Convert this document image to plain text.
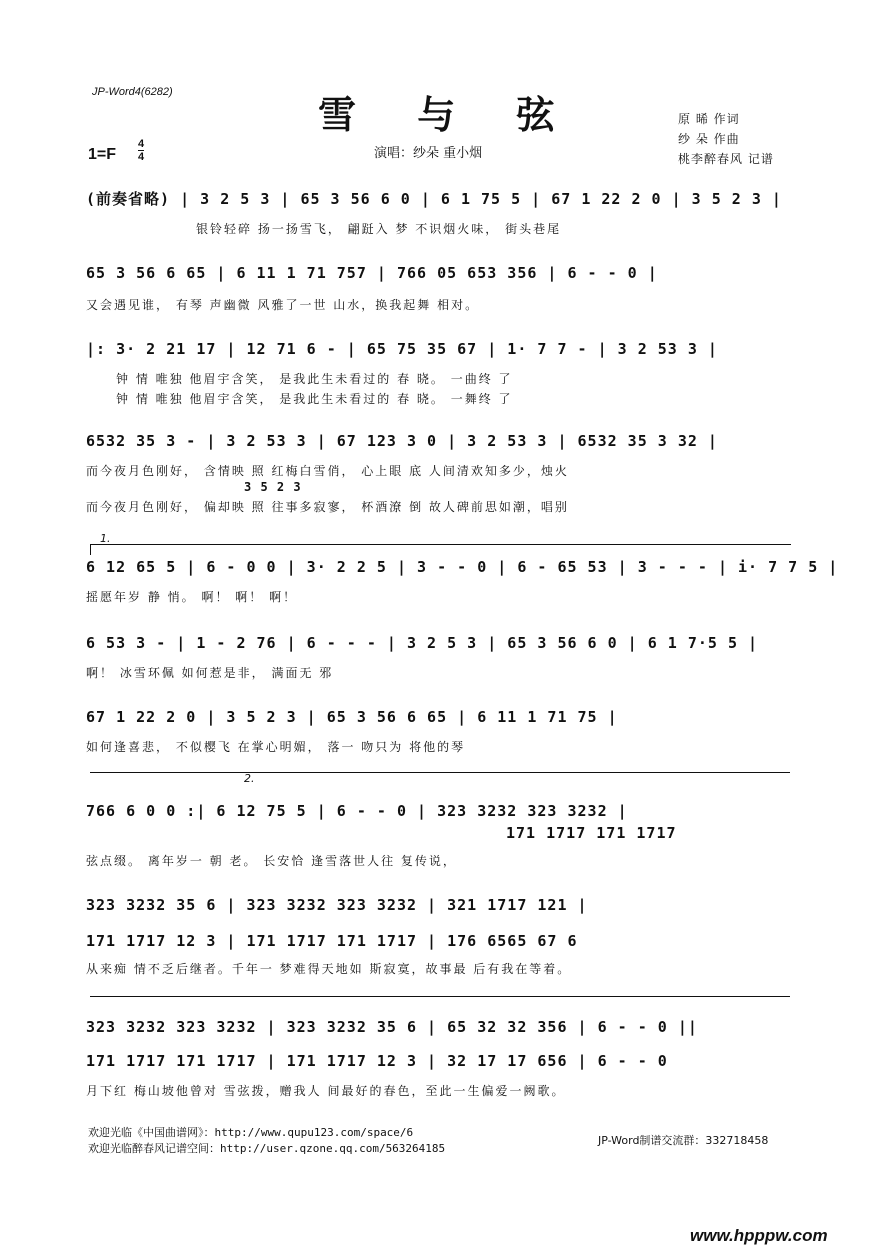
JP-Word4(6282)
雪 与 弦
1=F
4
4	演唱：纱朵 重小烟
原 晞 作词
纱 朵 作曲
桃李醉春风 记谱
(前奏省略) | 3 2 5 3 | 65 3 56 6 0 | 6 1 75 5 | 67 1 22 2 0 | 3 5 2 3 |
银铃轻碎 扬一扬雪飞， 翩跹入 梦 不识烟火味， 街头巷尾
65 3 56 6 65 | 6 11 1 71 757 | 766 05 653 356 | 6 - - 0 |
又会遇见谁， 有琴 声幽微 风雅了一世 山水，换我起舞 相对。
|: 3· 2 21 17 | 12 71 6 - | 65 75 35 67 | 1· 7 7 - | 3 2 53 3 |
钟 情 唯独 他眉宇含笑， 是我此生未看过的 春 晓。 一曲终 了
钟 情 唯独 他眉宇含笑， 是我此生未看过的 春 晓。 一舞终 了
6532 35 3 - | 3 2 53 3 | 67 123 3 0 | 3 2 53 3 | 6532 35 3 32 |
而今夜月色刚好， 含情映 照 红梅白雪俏， 心上眼 底 人间清欢知多少，烛火
3 5 2 3
而今夜月色刚好， 偏却映 照 往事多寂寥， 杯酒潦 倒 故人碑前思如潮，唱别
1.
6 12 65 5 | 6 - 0 0 | 3· 2 2 5 | 3 - - 0 | 6 - 65 53 | 3 - - - | i· 7 7 5 |
摇愿年岁 静 悄。 啊！ 啊！ 啊！
6 53 3 - | 1 - 2 76 | 6 - - - | 3 2 5 3 | 65 3 56 6 0 | 6 1 7·5 5 |
啊！ 冰雪环佩 如何惹是非， 满面无 邪
67 1 22 2 0 | 3 5 2 3 | 65 3 56 6 65 | 6 11 1 71 75 |
如何逢喜悲， 不似樱飞 在掌心明媚， 落一 吻只为 将他的琴
2.
766 6 0 0 :| 6 12 75 5 | 6 - - 0 | 323 3232 323 3232 |
171 1717 171 1717
弦点缀。 离年岁一 朝 老。 长安恰 逢雪落世人往 复传说，
323 3232 35 6 | 323 3232 323 3232 | 321 1717 121 |
171 1717 12 3 | 171 1717 171 1717 | 176 6565 67 6
从来痴 情不乏后继者。千年一 梦难得天地如 斯寂寞，故事最 后有我在等着。
323 3232 323 3232 | 323 3232 35 6 | 65 32 32 356 | 6 - - 0 ||
171 1717 171 1717 | 171 1717 12 3 | 32 17 17 656 | 6 - - 0
月下红 梅山坡他曾对 雪弦拨，赠我人 间最好的春色，至此一生偏爱一阙歌。
欢迎光临《中国曲谱网》：http://www.qupu123.com/space/6
欢迎光临醉春风记谱空间：http://user.qzone.qq.com/563264185
JP-Word制谱交流群：332718458
www.hpppw.com
